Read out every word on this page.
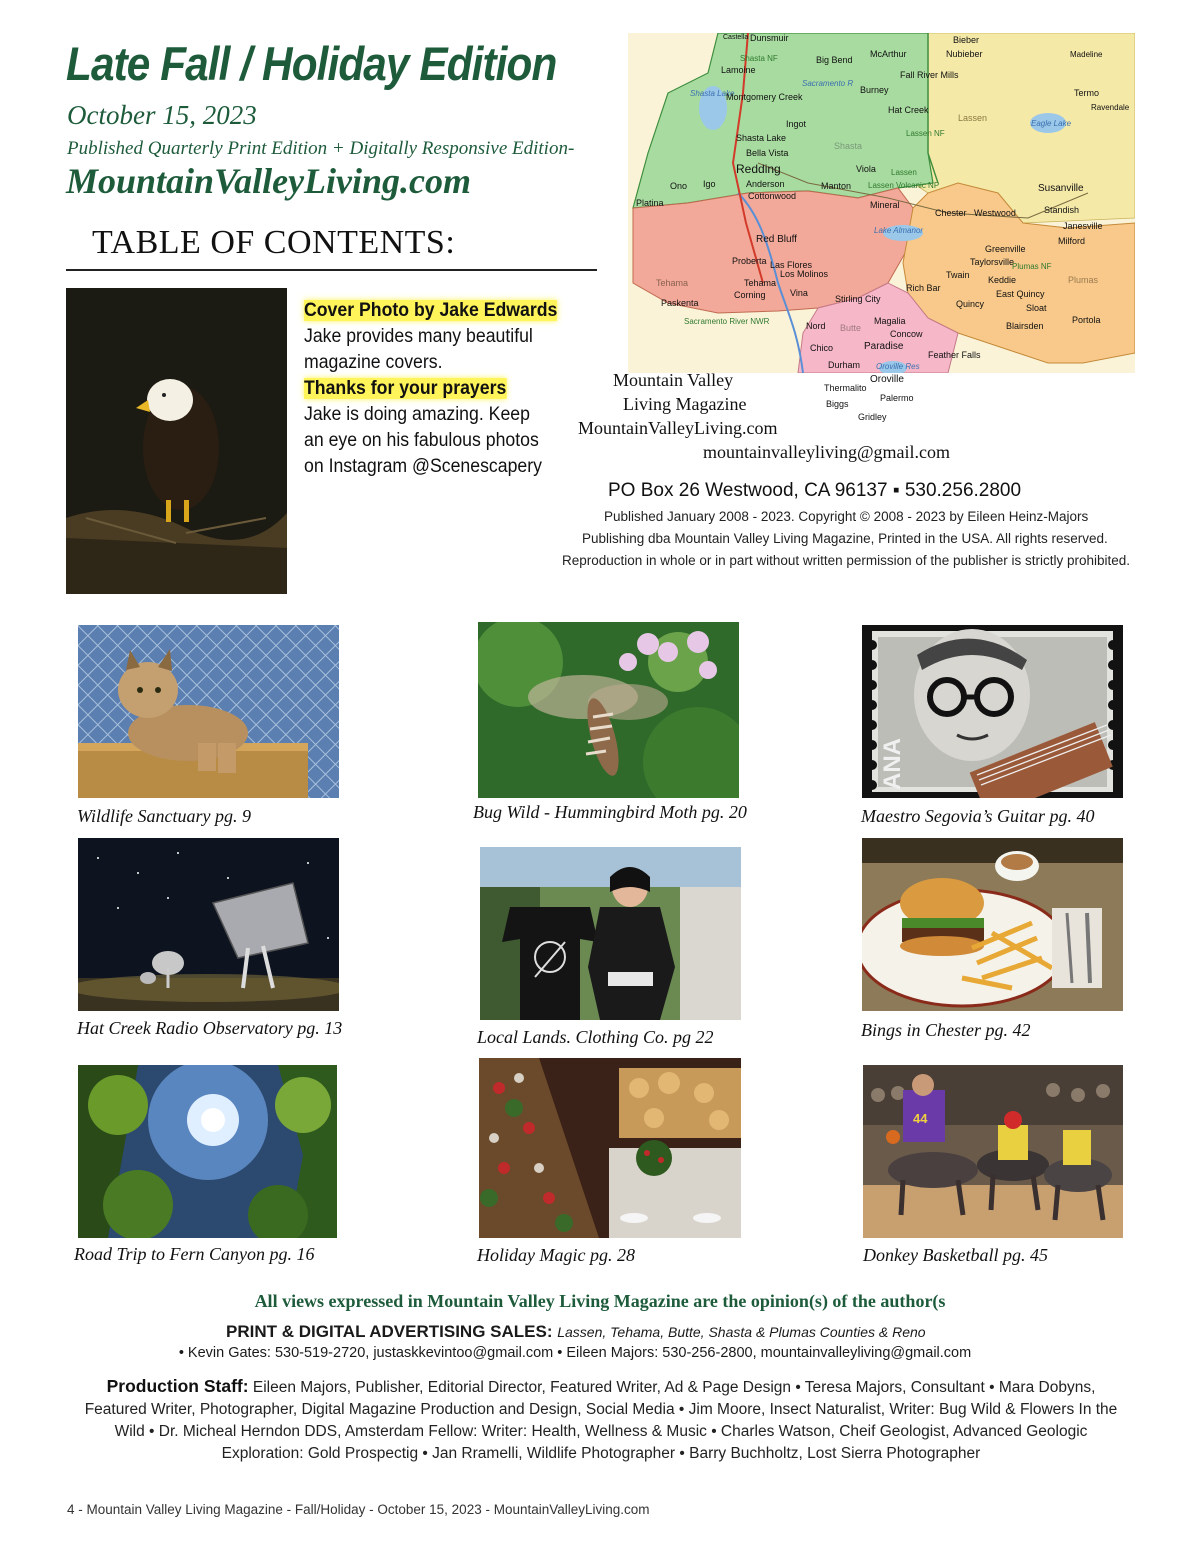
Late Fall / Holiday Edition
October 15, 2023
Published Quarterly Print Edition + Digitally Responsive Edition-
MountainValleyLiving.com
TABLE OF CONTENTS:
Castella Dunsmuir
Shasta NF
Lamoine
Big Bend
McArthur	Nubieber
Bieber
Madeline
Fall River Mills
Sacramento R
Shasta Lake
Montgomery Creek
Burney
Hat Creek
Termo
Ravendale
Lassen
Eagle Lake
Ingot
Lassen NF
Shasta Lake
Shasta
Bella Vista
Redding	Viola Lassen
Lassen Volcanic NP
Igo
Ono	Anderson	Manton	Susanville
Cottonwood
Platina	Mineral	Standish
Chester Westwood
Janesville
Lake Almanor
Red Bluff	Milford
Greenville
Proberta Las Flores	Taylorsville
Plumas NF
Los Molinos	Twain
Tehama	Tehama	Keddie	Plumas
Rich Bar
Corning	Vina	East Quincy
Stirling City
Paskenta	Quincy	Sloat
Sacramento River NWR	Magalia	Portola
Nord Butte	Blairsden
Concow
Chico	Paradise
Feather Falls
Durham Oroville Res
Oroville
Thermalito
Palermo
Biggs
Gridley
Cover Photo by Jake Edwards
Jake provides many beautiful
magazine covers.
Thanks for your prayers
Jake is doing amazing. Keep
an eye on his fabulous photos
on Instagram @Scenescapery
Mountain Valley
Living Magazine
MountainValleyLiving.com
mountainvalleyliving@gmail.com
PO Box 26 Westwood, CA 96137 ▪ 530.256.2800
Published January 2008 - 2023. Copyright © 2008 - 2023 by Eileen Heinz-Majors
Publishing dba Mountain Valley Living Magazine, Printed in the USA. All rights reserved.
Reproduction in whole or in part without written permission of the publisher is strictly prohibited.
Wildlife Sanctuary pg. 9	Bug Wild - Hummingbird Moth pg. 20
ANA
Maestro Segovia’s Guitar pg. 40
Hat Creek Radio Observatory pg. 13	Local Lands. Clothing Co. pg 22	Bings in Chester pg. 42
Road Trip to Fern Canyon pg. 16	Holiday Magic pg. 28
44
Donkey Basketball pg. 45
All views expressed in Mountain Valley Living Magazine are the opinion(s) of the author(s
PRINT & DIGITAL ADVERTISING SALES: Lassen, Tehama, Butte, Shasta & Plumas Counties & Reno
• Kevin Gates: 530-519-2720, justaskkevintoo@gmail.com • Eileen Majors: 530-256-2800, mountainvalleyliving@gmail.com
Production Staff: Eileen Majors, Publisher, Editorial Director, Featured Writer, Ad & Page Design • Teresa Majors, Consultant • Mara Dobyns, Featured Writer, Photographer, Digital Magazine Production and Design, Social Media • Jim Moore, Insect Naturalist, Writer: Bug Wild & Flowers In the Wild • Dr. Micheal Herndon DDS, Amsterdam Fellow: Writer: Health, Wellness & Music • Charles Watson, Cheif Geologist, Advanced Geologic Exploration: Gold Prospectig • Jan Rramelli, Wildlife Photographer • Barry Buchholtz, Lost Sierra Photographer
4 - Mountain Valley Living Magazine - Fall/Holiday - October 15, 2023 - MountainValleyLiving.com
